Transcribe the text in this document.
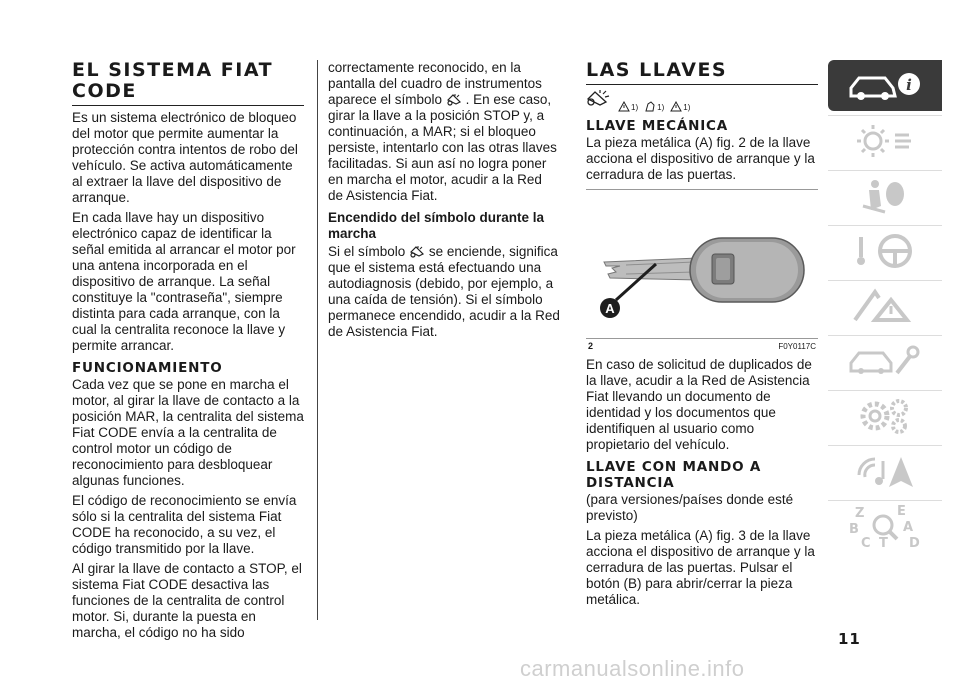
EL SISTEMA FIAT CODE

Es un sistema electrónico de bloqueo del motor que permite aumentar la protección contra intentos de robo del vehículo. Se activa automáticamente al extraer la llave del dispositivo de arranque.

En cada llave hay un dispositivo electrónico capaz de identificar la señal emitida al arrancar el motor por una antena incorporada en el dispositivo de arranque. La señal constituye la "contraseña", siempre distinta para cada arranque, con la cual la centralita reconoce la llave y permite arrancar.

FUNCIONAMIENTO

Cada vez que se pone en marcha el motor, al girar la llave de contacto a la posición MAR, la centralita del sistema Fiat CODE envía a la centralita de control motor un código de reconocimiento para desbloquear algunas funciones.

El código de reconocimiento se envía sólo si la centralita del sistema Fiat CODE ha reconocido, a su vez, el código transmitido por la llave.

Al girar la llave de contacto a STOP, el sistema Fiat CODE desactiva las funciones de la centralita de control motor. Si, durante la puesta en marcha, el código no ha sido

correctamente reconocido, en la pantalla del cuadro de instrumentos aparece el símbolo . En ese caso, girar la llave a la posición STOP y, a continuación, a MAR; si el bloqueo persiste, intentarlo con las otras llaves facilitadas. Si aun así no logra poner en marcha el motor, acudir a la Red de Asistencia Fiat.

Encendido del símbolo durante la marcha

Si el símbolo se enciende, significa que el sistema está efectuando una autodiagnosis (debido, por ejemplo, a una caída de tensión). Si el símbolo permanece encendido, acudir a la Red de Asistencia Fiat.

LAS LLAVES
1) 1) 1)
LLAVE MECÁNICA

La pieza metálica (A) fig. 2 de la llave acciona el dispositivo de arranque y la cerradura de las puertas.

A
2	F0Y0117C

En caso de solicitud de duplicados de la llave, acudir a la Red de Asistencia Fiat llevando un documento de identidad y los documentos que identifiquen al usuario como propietario del vehículo.

LLAVE CON MANDO A DISTANCIA

(para versiones/países donde esté previsto)

La pieza metálica (A) fig. 3 de la llave acciona el dispositivo de arranque y la cerradura de las puertas. Pulsar el botón (B) para abrir/cerrar la pieza metálica.

i
Z	E
B	A
C T D
11
carmanualsonline.info
